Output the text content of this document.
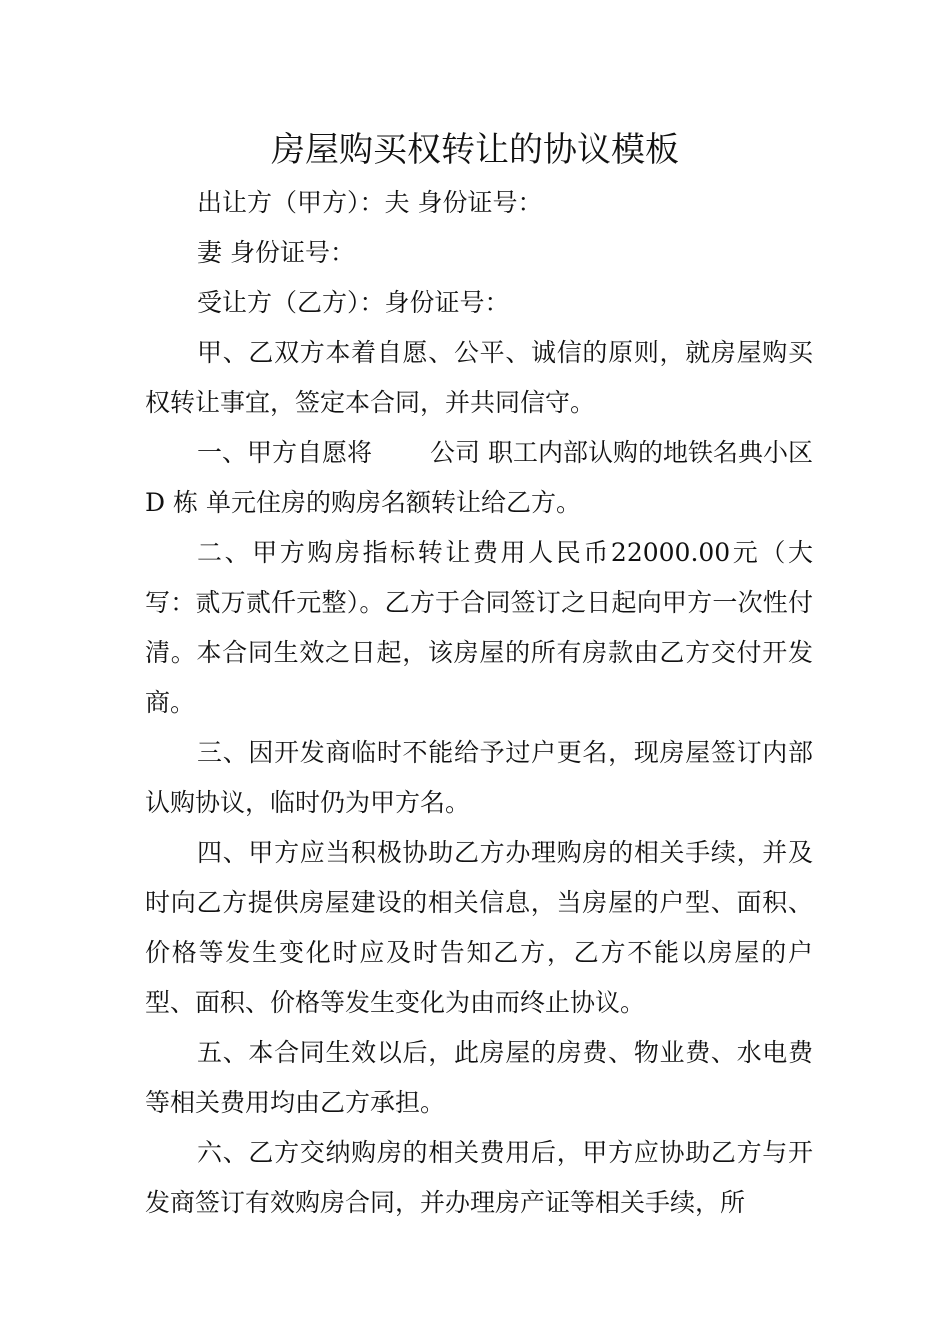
房屋购买权转让的协议模板

出让方（甲方）：夫 身份证号：

妻 身份证号：

受让方（乙方）：身份证号：

甲、乙双方本着自愿、公平、诚信的原则，就房屋购买权转让事宜，签定本合同，并共同信守。

一、甲方自愿将　　 公司 职工内部认购的地铁名典小区D 栋 单元住房的购房名额转让给乙方。

二、甲方购房指标转让费用人民币22000.00元（大写：贰万贰仟元整）。乙方于合同签订之日起向甲方一次性付清。本合同生效之日起，该房屋的所有房款由乙方交付开发商。

三、因开发商临时不能给予过户更名，现房屋签订内部认购协议，临时仍为甲方名。

四、甲方应当积极协助乙方办理购房的相关手续，并及时向乙方提供房屋建设的相关信息，当房屋的户型、面积、价格等发生变化时应及时告知乙方，乙方不能以房屋的户型、面积、价格等发生变化为由而终止协议。

五、本合同生效以后，此房屋的房费、物业费、水电费等相关费用均由乙方承担。

六、乙方交纳购房的相关费用后，甲方应协助乙方与开发商签订有效购房合同，并办理房产证等相关手续，所
